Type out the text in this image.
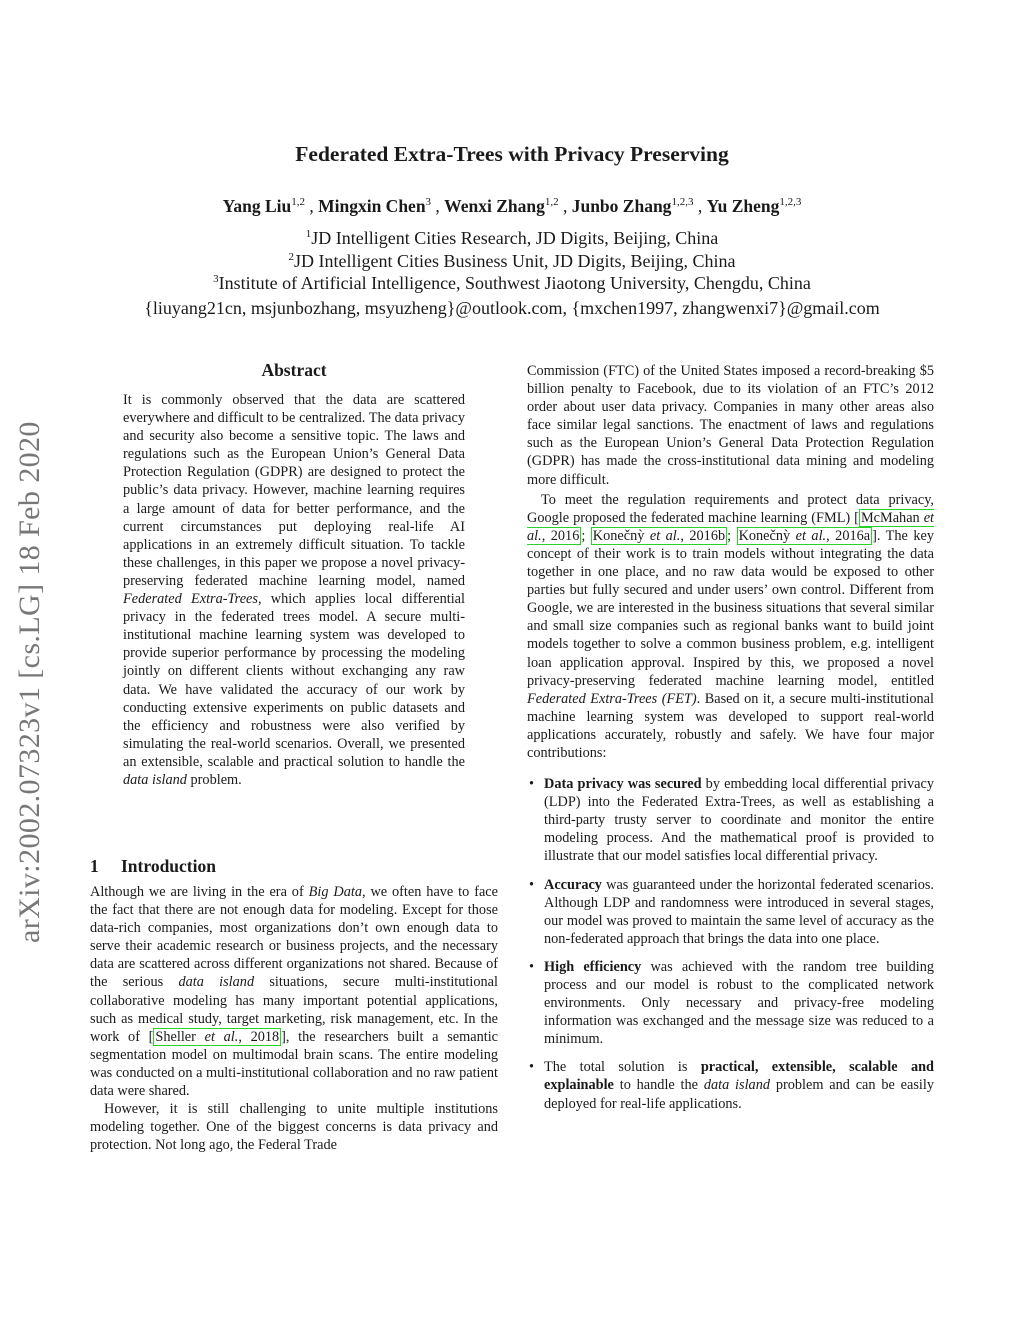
Federated Extra-Trees with Privacy Preserving
Yang Liu$^{1,2}$ , Mingxin Chen$^3$ , Wenxi Zhang$^{1,2}$ , Junbo Zhang$^{1,2,3}$ , Yu Zheng$^{1,2,3}$
$^1$JD Intelligent Cities Research, JD Digits, Beijing, China
$^2$JD Intelligent Cities Business Unit, JD Digits, Beijing, China
$^3$Institute of Artificial Intelligence, Southwest Jiaotong University, Chengdu, China
{liuyang21cn, msjunbozhang, msyuzheng}@outlook.com, {mxchen1997, zhangwenxi7}@gmail.com
arXiv:2002.07323v1 [cs.LG] 18 Feb 2020
Abstract
It is commonly observed that the data are scattered everywhere and difficult to be centralized. The data privacy and security also become a sensitive topic. The laws and regulations such as the European Union’s General Data Protection Regulation (GDPR) are designed to protect the public’s data privacy. However, machine learning requires a large amount of data for better performance, and the current circumstances put deploying real-life AI applications in an extremely difficult situation. To tackle these challenges, in this paper we propose a novel privacy-preserving federated machine learning model, named Federated Extra-Trees, which applies local differential privacy in the federated trees model. A secure multi-institutional machine learning system was developed to provide superior performance by processing the modeling jointly on different clients without exchanging any raw data. We have validated the accuracy of our work by conducting extensive experiments on public datasets and the efficiency and robustness were also verified by simulating the real-world scenarios. Overall, we presented an extensible, scalable and practical solution to handle the data island problem.
1 Introduction

Although we are living in the era of Big Data, we often have to face the fact that there are not enough data for modeling. Except for those data-rich companies, most organizations don’t own enough data to serve their academic research or business projects, and the necessary data are scattered across different organizations not shared. Because of the serious data island situations, secure multi-institutional collaborative modeling has many important potential applications, such as medical study, target marketing, risk management, etc. In the work of [ Sheller et al., 2018 ], the researchers built a semantic segmentation model on multimodal brain scans. The entire modeling was conducted on a multi-institutional collaboration and no raw patient data were shared.

However, it is still challenging to unite multiple institutions modeling together. One of the biggest concerns is data privacy and protection. Not long ago, the Federal Trade

Commission (FTC) of the United States imposed a record-breaking $5 billion penalty to Facebook, due to its violation of an FTC’s 2012 order about user data privacy. Companies in many other areas also face similar legal sanctions. The enactment of laws and regulations such as the European Union’s General Data Protection Regulation (GDPR) has made the cross-institutional data mining and modeling more difficult.

To meet the regulation requirements and protect data privacy, Google proposed the federated machine learning (FML) [ McMahan et al., 2016 ; Konečnỳ et al., 2016b ; Konečnỳ et al., 2016a ]. The key concept of their work is to train models without integrating the data together in one place, and no raw data would be exposed to other parties but fully secured and under users’ own control. Different from Google, we are interested in the business situations that several similar and small size companies such as regional banks want to build joint models together to solve a common business problem, e.g. intelligent loan application approval. Inspired by this, we proposed a novel privacy-preserving federated machine learning model, entitled Federated Extra-Trees (FET). Based on it, a secure multi-institutional machine learning system was developed to support real-world applications accurately, robustly and safely. We have four major contributions:

• Data privacy was secured by embedding local differential privacy (LDP) into the Federated Extra-Trees, as well as establishing a third-party trusty server to coordinate and monitor the entire modeling process. And the mathematical proof is provided to illustrate that our model satisfies local differential privacy.
• Accuracy was guaranteed under the horizontal federated scenarios. Although LDP and randomness were introduced in several stages, our model was proved to maintain the same level of accuracy as the non-federated approach that brings the data into one place.
• High efficiency was achieved with the random tree building process and our model is robust to the complicated network environments. Only necessary and privacy-free modeling information was exchanged and the message size was reduced to a minimum.
• The total solution is practical, extensible, scalable and explainable to handle the data island problem and can be easily deployed for real-life applications.
